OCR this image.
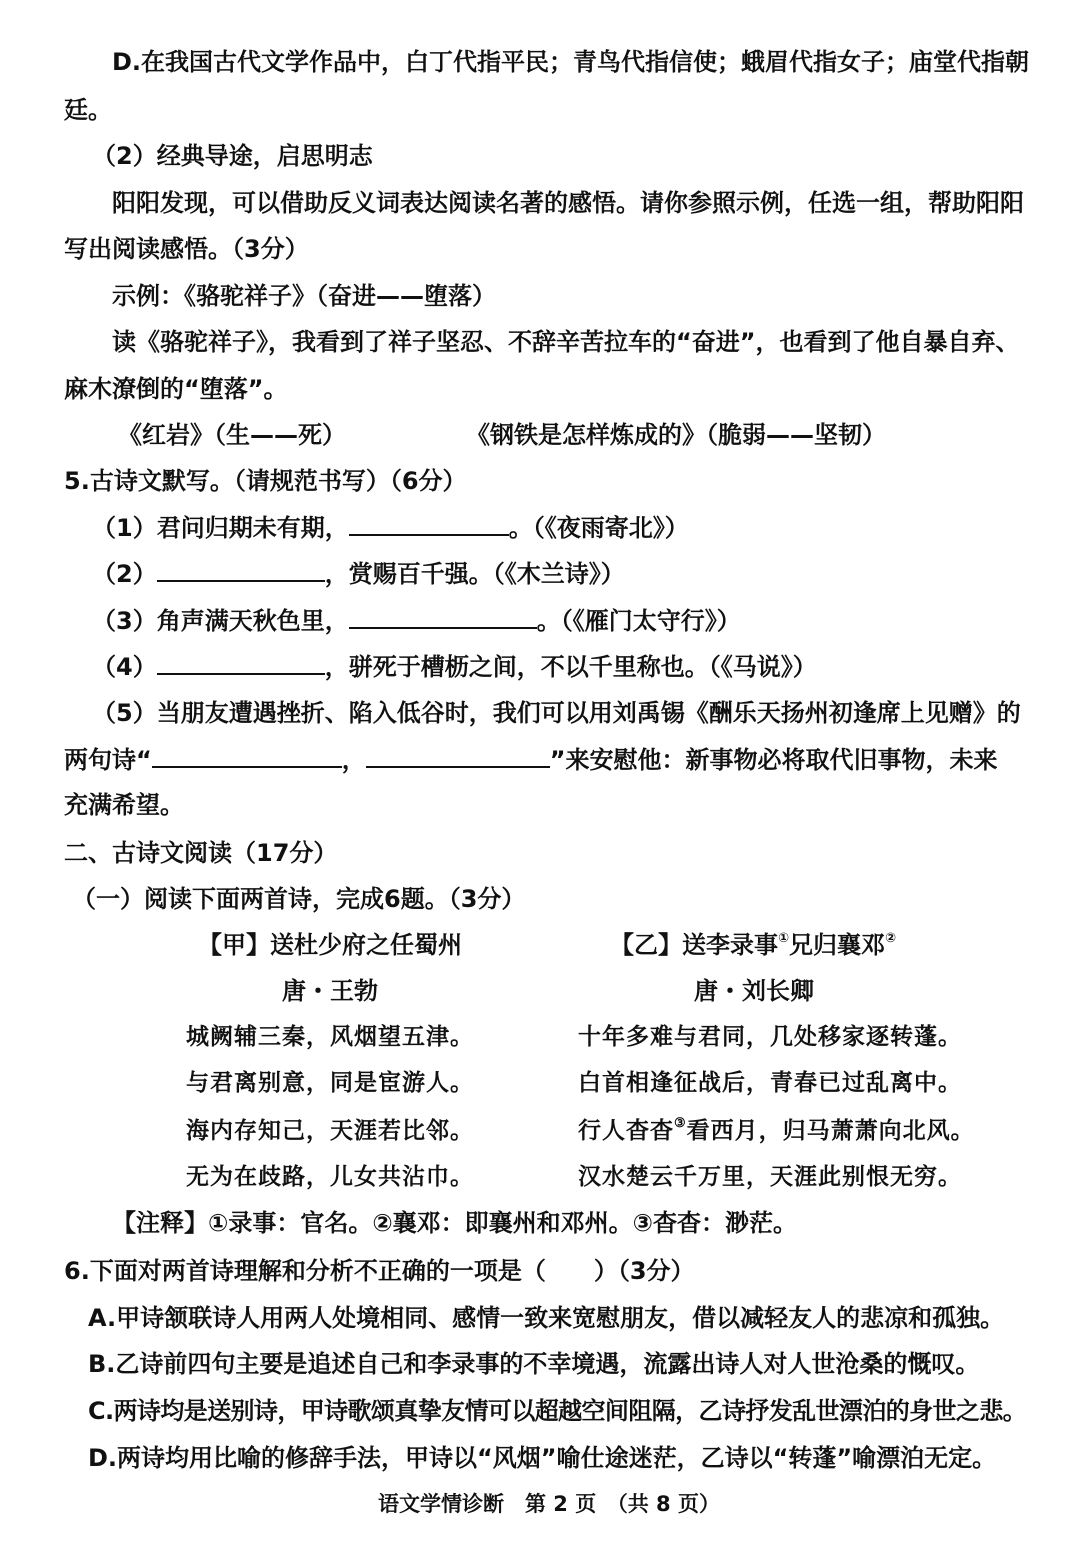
D.在我国古代文学作品中，白丁代指平民；青鸟代指信使；蛾眉代指女子；庙堂代指朝
廷。
（2）经典导途，启思明志
阳阳发现，可以借助反义词表达阅读名著的感悟。请你参照示例，任选一组，帮助阳阳
写出阅读感悟。（3分）
示例：《骆驼祥子》（奋进——堕落）
读《骆驼祥子》，我看到了祥子坚忍、不辞辛苦拉车的“奋进”，也看到了他自暴自弃、
麻木潦倒的“堕落”。
《红岩》（生——死）	《钢铁是怎样炼成的》（脆弱——坚韧）
5.古诗文默写。（请规范书写）（6分）
（1）君问归期未有期，	。（《夜雨寄北》）
（2）	，赏赐百千强。（《木兰诗》）
（3）角声满天秋色里，	。（《雁门太守行》）
（4）	，骈死于槽枥之间，不以千里称也。（《马说》）
（5）当朋友遭遇挫折、陷入低谷时，我们可以用刘禹锡《酬乐天扬州初逢席上见赠》的
两句诗“	，	”来安慰他：新事物必将取代旧事物，未来
充满希望。
二、古诗文阅读（17分）
（一）阅读下面两首诗，完成6题。（3分）
【甲】送杜少府之任蜀州
唐・王勃
城阙辅三秦，风烟望五津。
与君离别意，同是宦游人。
海内存知己，天涯若比邻。
无为在歧路，儿女共沾巾。
【乙】送李录事①兄归襄邓②
唐・刘长卿
十年多难与君同，几处移家逐转蓬。
白首相逢征战后，青春已过乱离中。
行人杳杳③看西月，归马萧萧向北风。
汉水楚云千万里，天涯此别恨无穷。
【注释】①录事：官名。②襄邓：即襄州和邓州。③杳杳：渺茫。
6.下面对两首诗理解和分析不正确的一项是（　　）（3分）
A.甲诗颔联诗人用两人处境相同、感情一致来宽慰朋友，借以减轻友人的悲凉和孤独。
B.乙诗前四句主要是追述自己和李录事的不幸境遇，流露出诗人对人世沧桑的慨叹。
C.两诗均是送别诗，甲诗歌颂真挚友情可以超越空间阻隔，乙诗抒发乱世漂泊的身世之悲。
D.两诗均用比喻的修辞手法，甲诗以“风烟”喻仕途迷茫，乙诗以“转蓬”喻漂泊无定。
语文学情诊断　第 2 页　（共 8 页）
